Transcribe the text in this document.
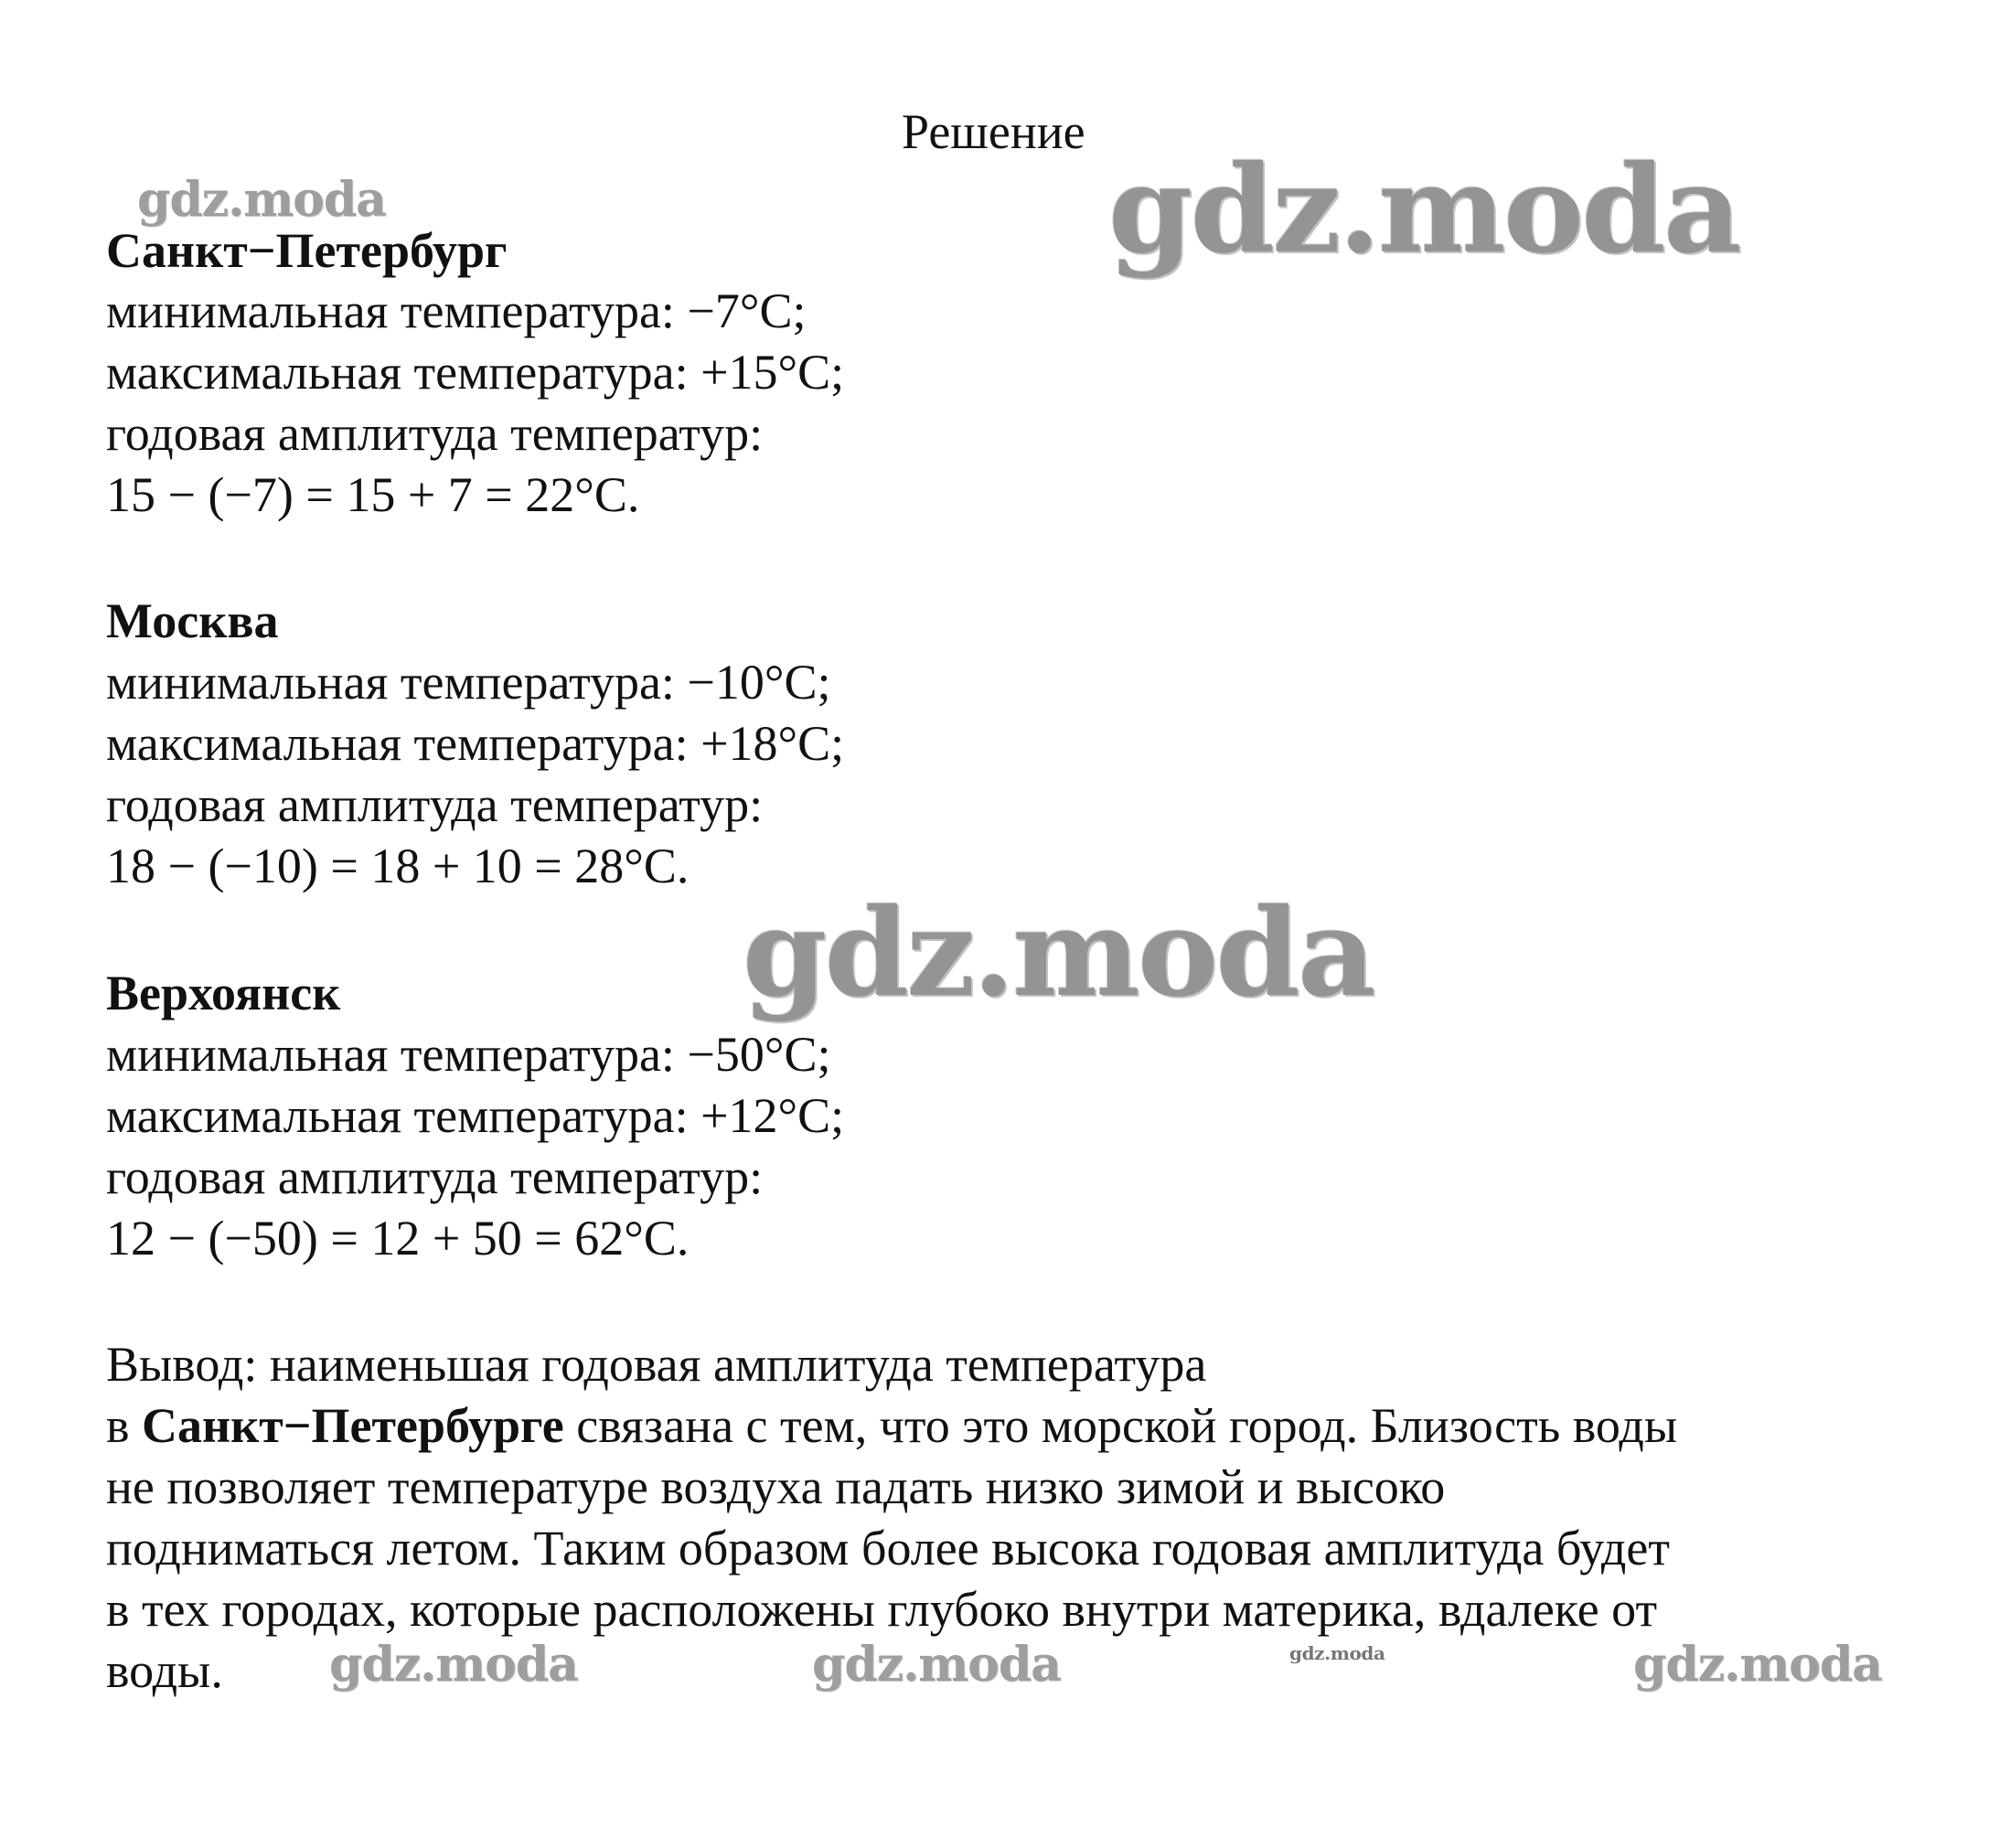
Решение
gdz.moda	gdz.moda
gdz.moda
gdz.moda	gdz.moda	gdz.moda	gdz.moda
Санкт−Петербург
минимальная температура: −7°C;
максимальная температура: +15°C;
годовая амплитуда температур:
15 − (−7) = 15 + 7 = 22°C.
Москва
минимальная температура: −10°C;
максимальная температура: +18°C;
годовая амплитуда температур:
18 − (−10) = 18 + 10 = 28°C.
Верхоянск
минимальная температура: −50°C;
максимальная температура: +12°C;
годовая амплитуда температур:
12 − (−50) = 12 + 50 = 62°C.
Вывод: наименьшая годовая амплитуда температура
в Санкт−Петербурге связана с тем, что это морской город. Близость воды
не позволяет температуре воздуха падать низко зимой и высоко
подниматься летом. Таким образом более высока годовая амплитуда будет
в тех городах, которые расположены глубоко внутри материка, вдалеке от
воды.
